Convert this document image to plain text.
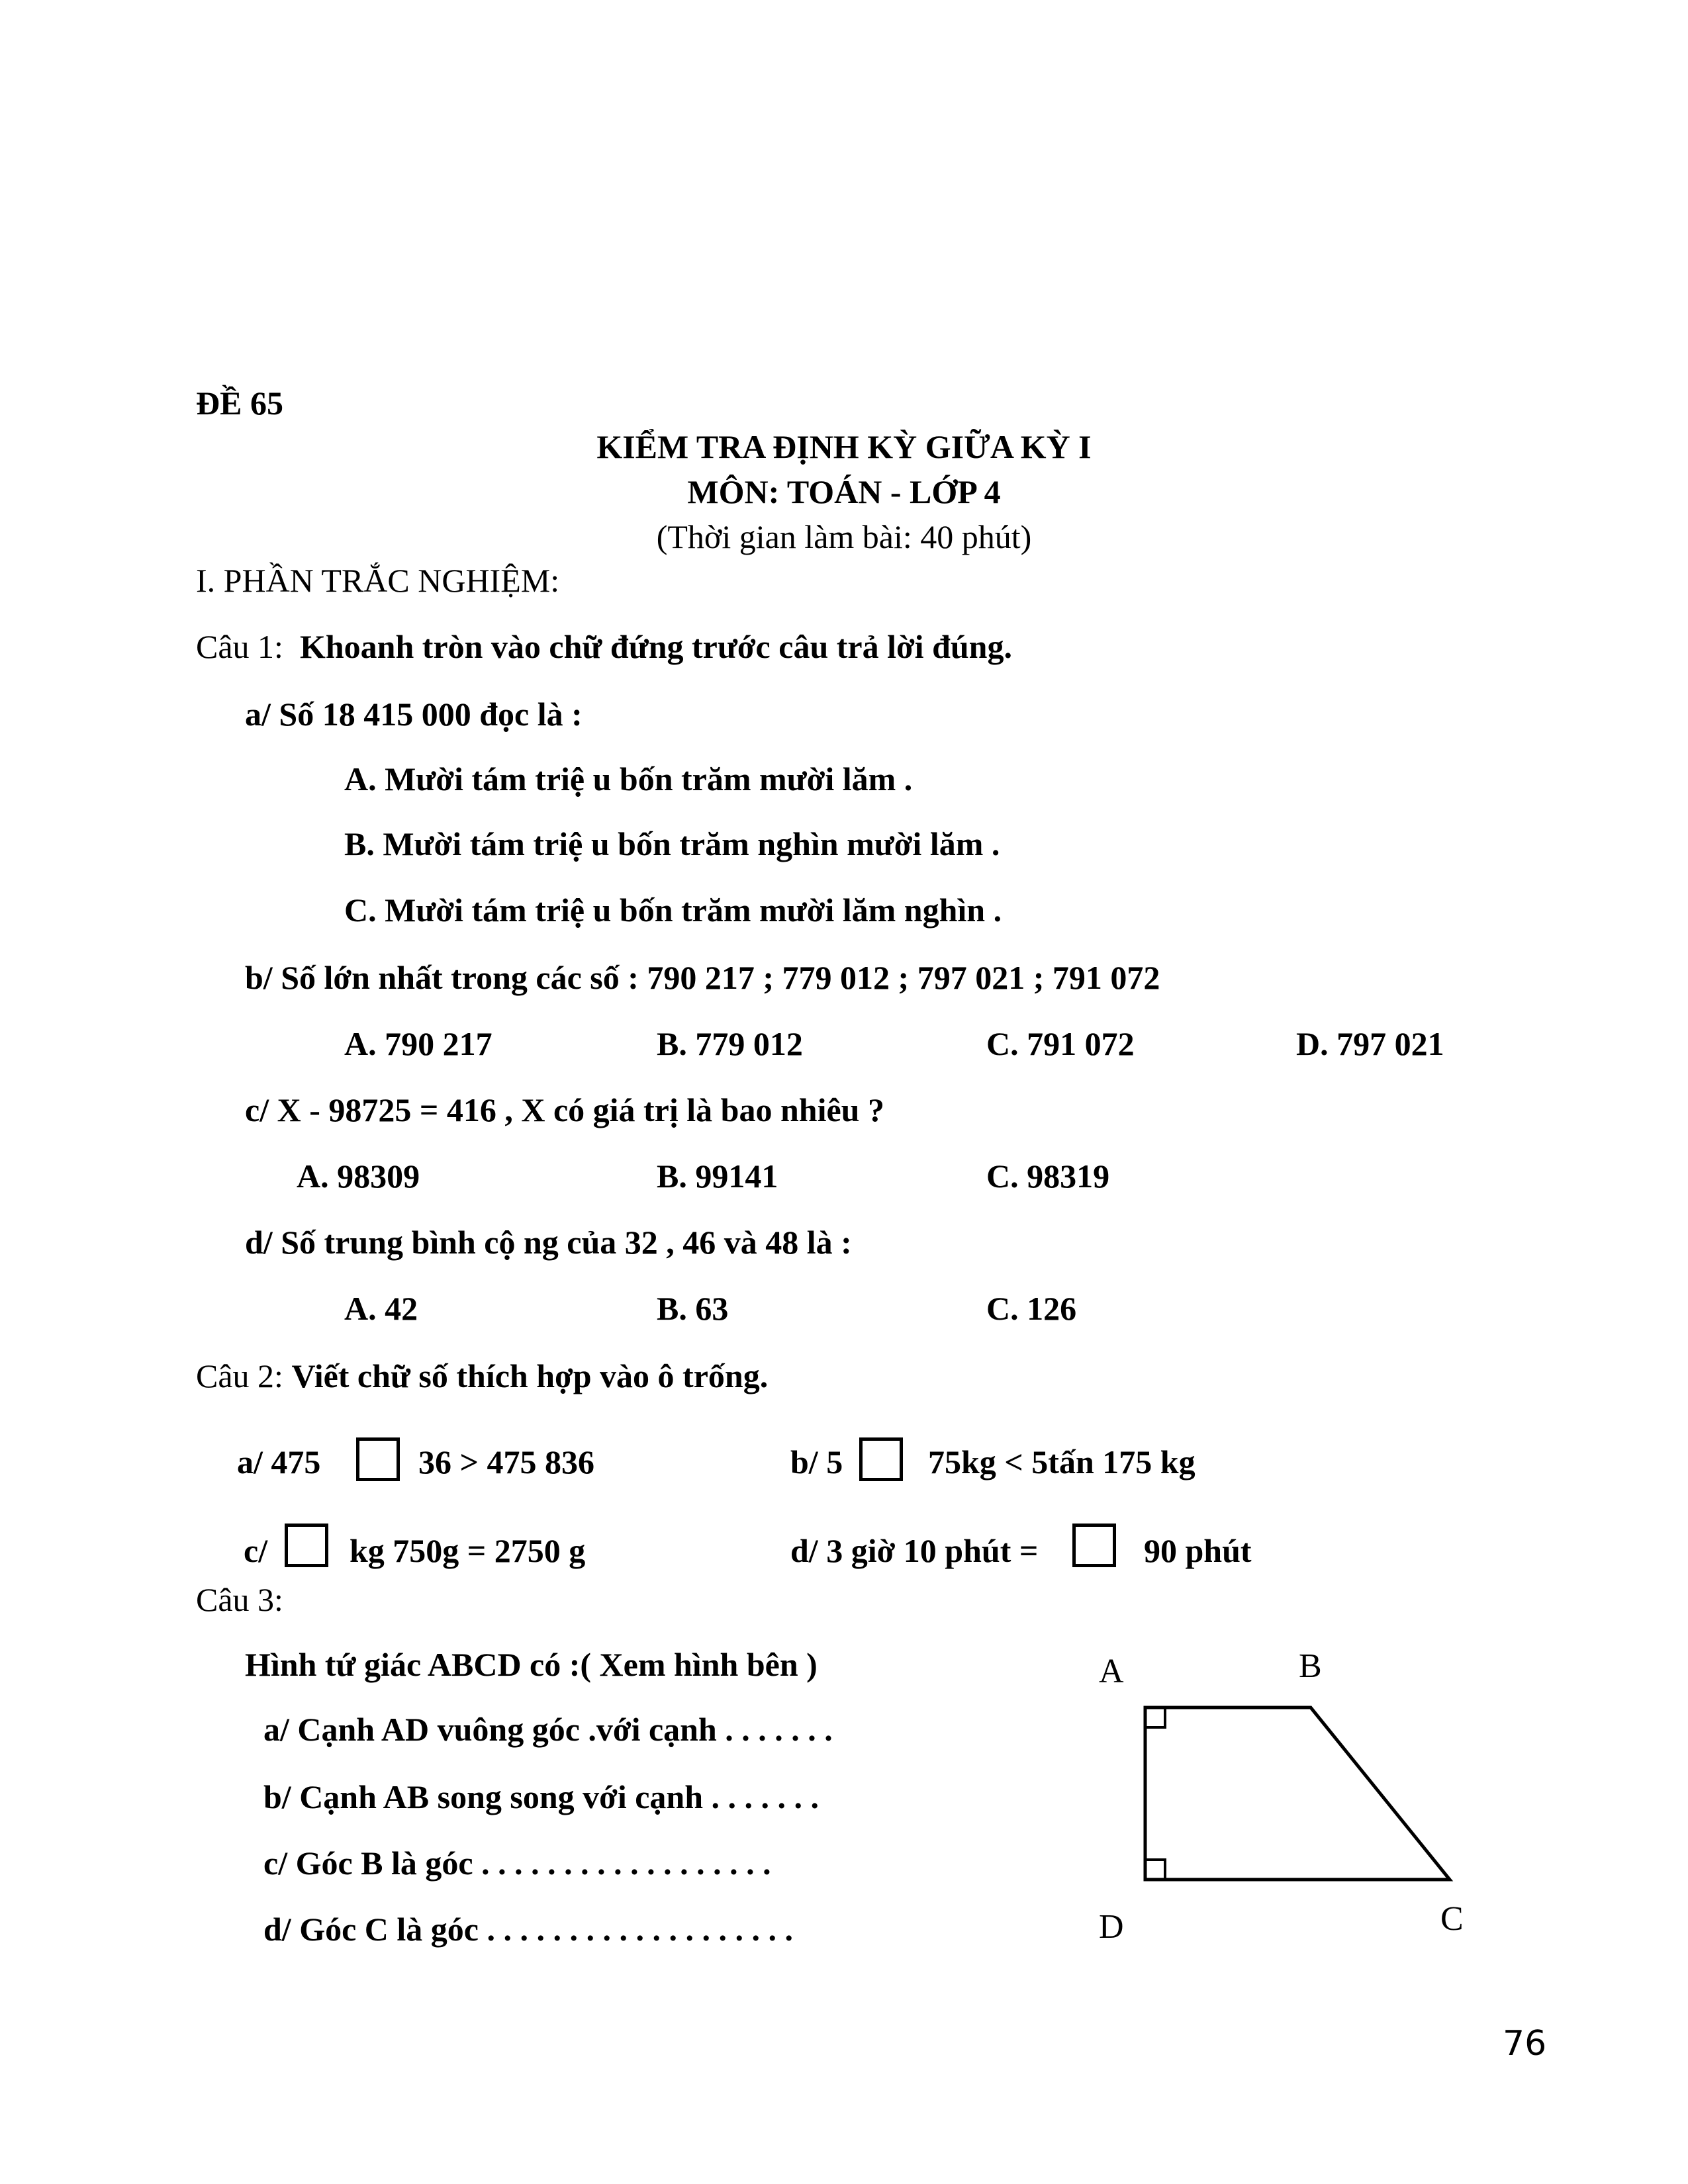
ĐỀ 65
KIỂM TRA ĐỊNH KỲ GIỮA KỲ I
MÔN: TOÁN - LỚP 4
(Thời gian làm bài: 40 phút)
I. PHẦN TRẮC NGHIỆM:
Câu 1: Khoanh tròn vào chữ đứng trước câu trả lời đúng.
a/ Số 18 415 000 đọc là :
A. Mười tám triệ u bốn trăm mười lăm .
B. Mười tám triệ u bốn trăm nghìn mười lăm .
C. Mười tám triệ u bốn trăm mười lăm nghìn .
b/ Số lớn nhất trong các số : 790 217 ; 779 012 ; 797 021 ; 791 072
A. 790 217	B. 779 012	C. 791 072	D. 797 021
c/ X - 98725 = 416 , X có giá trị là bao nhiêu ?
A. 98309	B. 99141	C. 98319
d/ Số trung bình cộ ng của 32 , 46 và 48 là :
A. 42	B. 63	C. 126
Câu 2: Viết chữ số thích hợp vào ô trống.
a/ 475	36 > 475 836	b/ 5	75kg < 5tấn 175 kg
c/ kg 750g = 2750 g	d/ 3 giờ 10 phút =	90 phút
Câu 3:
Hình tứ giác ABCD có :( Xem hình bên )
a/ Cạnh AD vuông góc .với cạnh . . . . . . .
b/ Cạnh AB song song với cạnh . . . . . . .
c/ Góc B là góc . . . . . . . . . . . . . . . . . .
d/ Góc C là góc . . . . . . . . . . . . . . . . . . .
A	B
D	C
76
